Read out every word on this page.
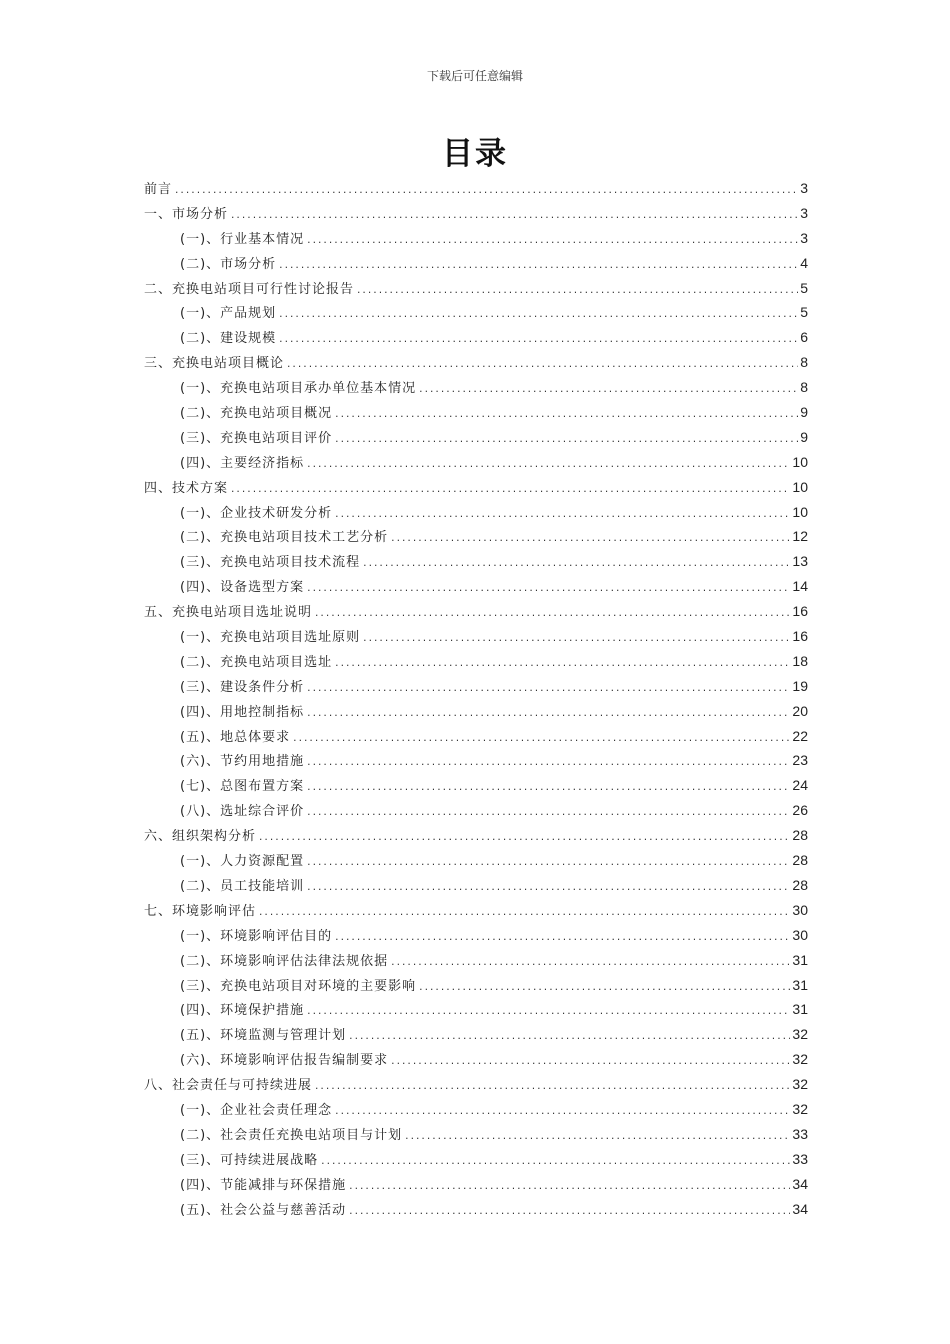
下载后可任意编辑
目录
前言 .....	3
一、市场分析 .....	3
(一)、行业基本情况 .....	3
(二)、市场分析 .....	4
二、充换电站项目可行性讨论报告 .....	5
(一)、产品规划 .....	5
(二)、建设规模 .....	6
三、充换电站项目概论 .....	8
(一)、充换电站项目承办单位基本情况 .....	8
(二)、充换电站项目概况 .....	9
(三)、充换电站项目评价 .....	9
(四)、主要经济指标 .....	10
四、技术方案 .....	10
(一)、企业技术研发分析 .....	10
(二)、充换电站项目技术工艺分析 .....	12
(三)、充换电站项目技术流程 .....	13
(四)、设备选型方案 .....	14
五、充换电站项目选址说明 .....	16
(一)、充换电站项目选址原则 .....	16
(二)、充换电站项目选址 .....	18
(三)、建设条件分析 .....	19
(四)、用地控制指标 .....	20
(五)、地总体要求 .....	22
(六)、节约用地措施 .....	23
(七)、总图布置方案 .....	24
(八)、选址综合评价 .....	26
六、组织架构分析 .....	28
(一)、人力资源配置 .....	28
(二)、员工技能培训 .....	28
七、环境影响评估 .....	30
(一)、环境影响评估目的 .....	30
(二)、环境影响评估法律法规依据 .....	31
(三)、充换电站项目对环境的主要影响 .....	31
(四)、环境保护措施 .....	31
(五)、环境监测与管理计划 .....	32
(六)、环境影响评估报告编制要求 .....	32
八、社会责任与可持续进展 .....	32
(一)、企业社会责任理念 .....	32
(二)、社会责任充换电站项目与计划 .....	33
(三)、可持续进展战略 .....	33
(四)、节能减排与环保措施 .....	34
(五)、社会公益与慈善活动 .....	34
